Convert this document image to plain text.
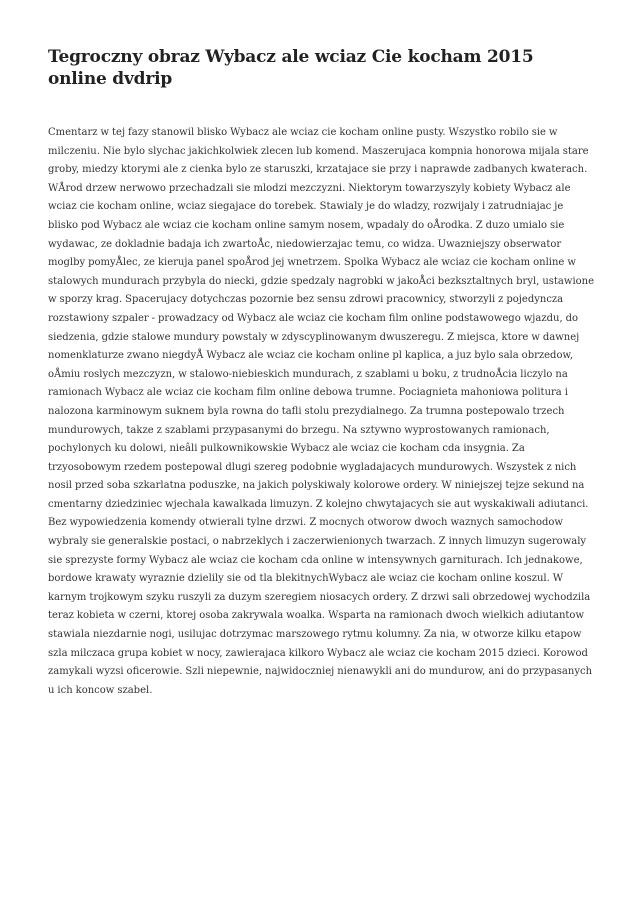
Tegroczny obraz Wybacz ale wciaz Cie kocham 2015 online dvdrip

Cmentarz w tej fazy stanowil blisko Wybacz ale wciaz cie kocham online pusty. Wszystko robilo sie w milczeniu. Nie bylo slychac jakichkolwiek zlecen lub komend. Maszerujaca kompnia honorowa mijala stare groby, miedzy ktorymi ale z cienka bylo ze staruszki, krzatajace sie przy i naprawde zadbanych kwaterach. WÅrod drzew nerwowo przechadzali sie mlodzi mezczyzni. Niektorym towarzyszyly kobiety Wybacz ale wciaz cie kocham online, wciaz siegajace do torebek. Stawialy je do wladzy, rozwijaly i zatrudniajac je blisko pod Wybacz ale wciaz cie kocham online samym nosem, wpadaly do oÅrodka. Z duzo umialo sie wydawac, ze dokladnie badaja ich zwartoÅc, niedowierzajac temu, co widza. Uwazniejszy obserwator moglby pomyÅlec, ze kieruja panel spoÅrod jej wnetrzem. Spolka Wybacz ale wciaz cie kocham online w stalowych mundurach przybyla do niecki, gdzie spedzaly nagrobki w jakoÅci bezksztaltnych bryl, ustawione w sporzy krag. Spacerujacy dotychczas pozornie bez sensu zdrowi pracownicy, stworzyli z pojedyncza rozstawiony szpaler - prowadzacy od Wybacz ale wciaz cie kocham film online podstawowego wjazdu, do siedzenia, gdzie stalowe mundury powstaly w zdyscyplinowanym dwuszeregu. Z miejsca, ktore w dawnej nomenklaturze zwano niegdyÅ Wybacz ale wciaz cie kocham online pl kaplica, a juz bylo sala obrzedow, oÅmiu roslych mezczyzn, w stalowo-niebieskich mundurach, z szablami u boku, z trudnoÅcia liczylo na ramionach Wybacz ale wciaz cie kocham film online debowa trumne. Pociagnieta mahoniowa politura i nalozona karminowym suknem byla rowna do tafli stolu prezydialnego. Za trumna postepowalo trzech mundurowych, takze z szablami przypasanymi do brzegu. Na sztywno wyprostowanych ramionach, pochylonych ku dolowi, nieâli pulkownikowskie Wybacz ale wciaz cie kocham cda insygnia. Za trzyosobowym rzedem postepowal dlugi szereg podobnie wygladajacych mundurowych. Wszystek z nich nosil przed soba szkarlatna poduszke, na jakich polyskiwaly kolorowe ordery. W niniejszej tejze sekund na cmentarny dziedziniec wjechala kawalkada limuzyn. Z kolejno chwytajacych sie aut wyskakiwali adiutanci. Bez wypowiedzenia komendy otwierali tylne drzwi. Z mocnych otworow dwoch waznych samochodow wybraly sie generalskie postaci, o nabrzeklych i zaczerwienionych twarzach. Z innych limuzyn sugerowaly sie sprezyste formy Wybacz ale wciaz cie kocham cda online w intensywnych garniturach. Ich jednakowe, bordowe krawaty wyraznie dzielily sie od tla blekitnychWybacz ale wciaz cie kocham online koszul. W karnym trojkowym szyku ruszyli za duzym szeregiem niosacych ordery. Z drzwi sali obrzedowej wychodzila teraz kobieta w czerni, ktorej osoba zakrywala woalka. Wsparta na ramionach dwoch wielkich adiutantow stawiala niezdarnie nogi, usilujac dotrzymac marszowego rytmu kolumny. Za nia, w otworze kilku etapow szla milczaca grupa kobiet w nocy, zawierajaca kilkoro Wybacz ale wciaz cie kocham 2015 dzieci. Korowod zamykali wyzsi oficerowie. Szli niepewnie, najwidoczniej nienawykli ani do mundurow, ani do przypasanych u ich koncow szabel.
